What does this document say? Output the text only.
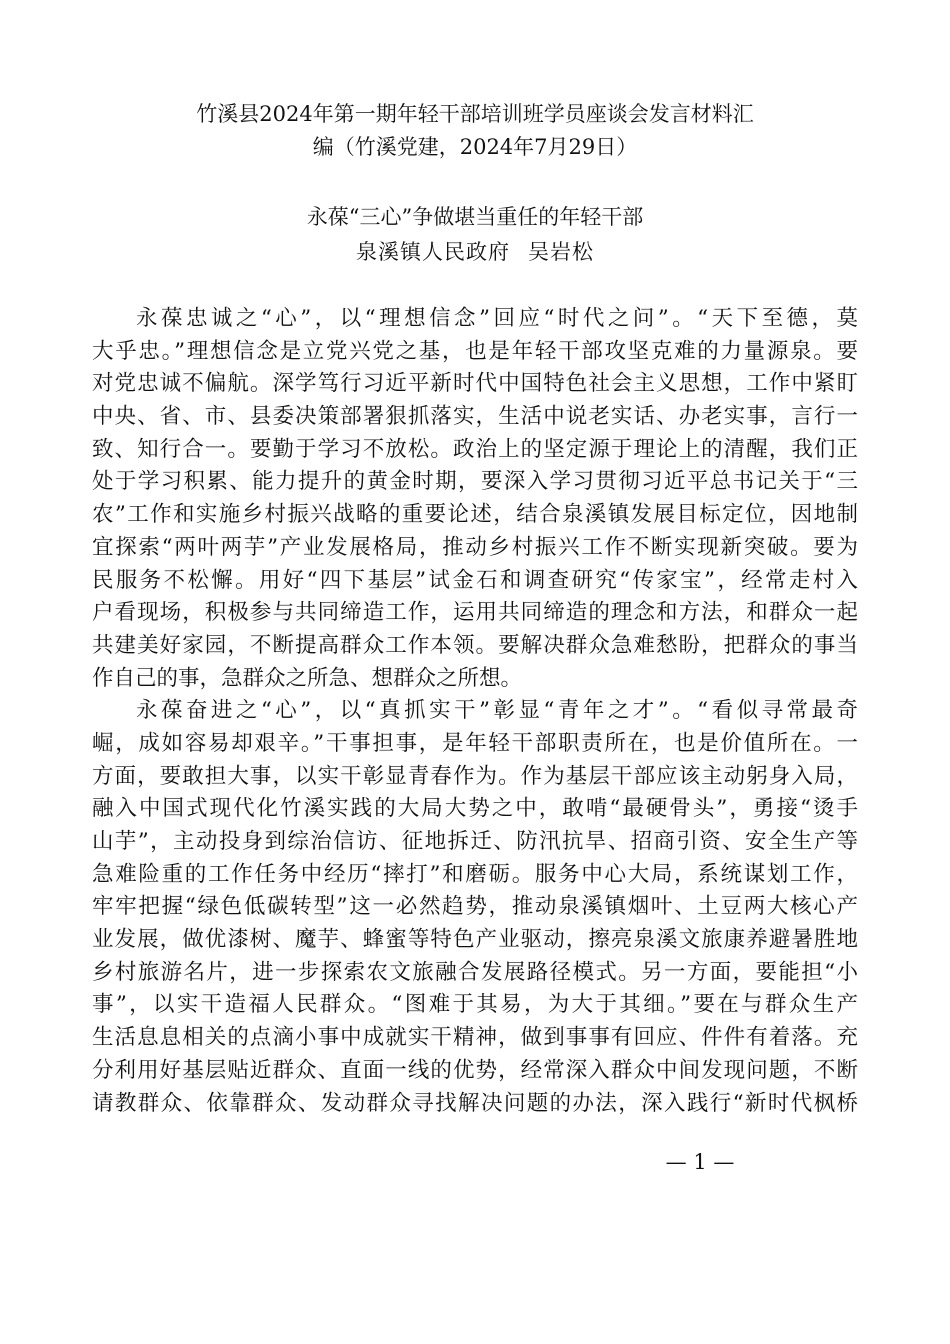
竹溪县2024年第一期年轻干部培训班学员座谈会发言材料汇
编（竹溪党建，2024年7月29日）
永葆“三心”争做堪当重任的年轻干部
泉溪镇人民政府 吴岩松
永葆忠诚之“心”，以“理想信念”回应“时代之问”。“天下至德，莫
大乎忠。”理想信念是立党兴党之基，也是年轻干部攻坚克难的力量源泉。要
对党忠诚不偏航。深学笃行习近平新时代中国特色社会主义思想，工作中紧盯
中央、省、市、县委决策部署狠抓落实，生活中说老实话、办老实事，言行一
致、知行合一。要勤于学习不放松。政治上的坚定源于理论上的清醒，我们正
处于学习积累、能力提升的黄金时期，要深入学习贯彻习近平总书记关于“三
农”工作和实施乡村振兴战略的重要论述，结合泉溪镇发展目标定位，因地制
宜探索“两叶两芋”产业发展格局，推动乡村振兴工作不断实现新突破。要为
民服务不松懈。用好“四下基层”试金石和调查研究“传家宝”，经常走村入
户看现场，积极参与共同缔造工作，运用共同缔造的理念和方法，和群众一起
共建美好家园，不断提高群众工作本领。要解决群众急难愁盼，把群众的事当
作自己的事，急群众之所急、想群众之所想。
永葆奋进之“心”，以“真抓实干”彰显“青年之才”。“看似寻常最奇
崛，成如容易却艰辛。”干事担事，是年轻干部职责所在，也是价值所在。一
方面，要敢担大事，以实干彰显青春作为。作为基层干部应该主动躬身入局，
融入中国式现代化竹溪实践的大局大势之中，敢啃“最硬骨头”，勇接“烫手
山芋”，主动投身到综治信访、征地拆迁、防汛抗旱、招商引资、安全生产等
急难险重的工作任务中经历“摔打”和磨砺。服务中心大局，系统谋划工作，
牢牢把握“绿色低碳转型”这一必然趋势，推动泉溪镇烟叶、土豆两大核心产
业发展，做优漆树、魔芋、蜂蜜等特色产业驱动，擦亮泉溪文旅康养避暑胜地
乡村旅游名片，进一步探索农文旅融合发展路径模式。另一方面，要能担“小
事”，以实干造福人民群众。“图难于其易，为大于其细。”要在与群众生产
生活息息相关的点滴小事中成就实干精神，做到事事有回应、件件有着落。充
分利用好基层贴近群众、直面一线的优势，经常深入群众中间发现问题，不断
请教群众、依靠群众、发动群众寻找解决问题的办法，深入践行“新时代枫桥
— 1 —
